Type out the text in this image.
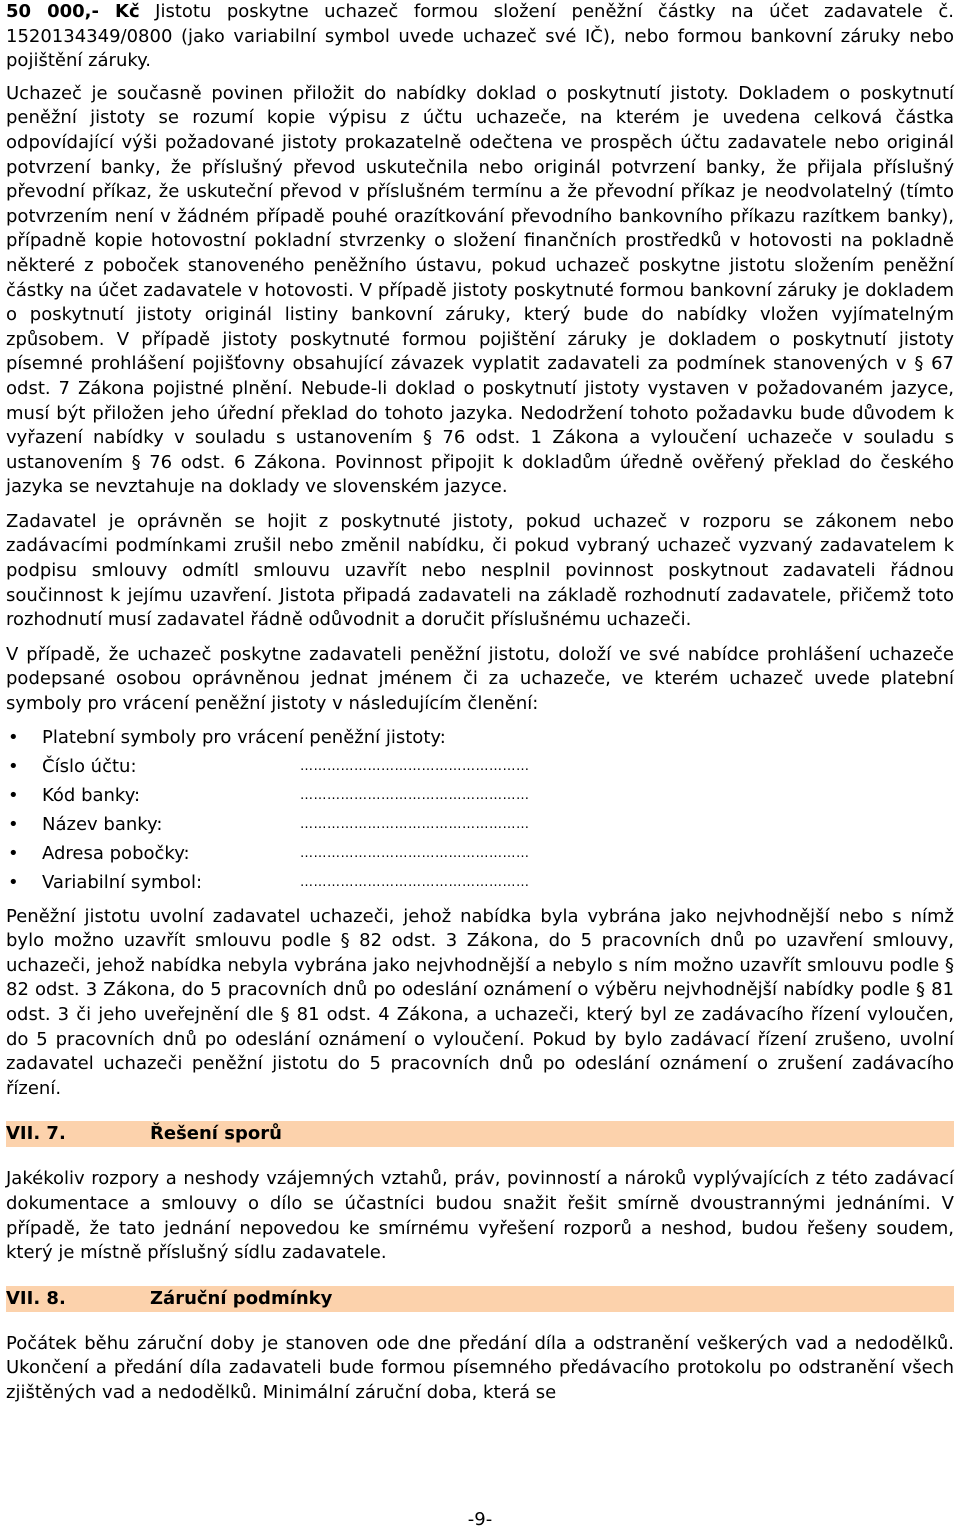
50 000,- Kč Jistotu poskytne uchazeč formou složení peněžní částky na účet zadavatele č. 1520134349/0800 (jako variabilní symbol uvede uchazeč své IČ), nebo formou bankovní záruky nebo pojištění záruky.

Uchazeč je současně povinen přiložit do nabídky doklad o poskytnutí jistoty. Dokladem o poskytnutí peněžní jistoty se rozumí kopie výpisu z účtu uchazeče, na kterém je uvedena celková částka odpovídající výši požadované jistoty prokazatelně odečtena ve prospěch účtu zadavatele nebo originál potvrzení banky, že příslušný převod uskutečnila nebo originál potvrzení banky, že přijala příslušný převodní příkaz, že uskuteční převod v příslušném termínu a že převodní příkaz je neodvolatelný (tímto potvrzením není v žádném případě pouhé orazítkování převodního bankovního příkazu razítkem banky), případně kopie hotovostní pokladní stvrzenky o složení finančních prostředků v hotovosti na pokladně některé z poboček stanoveného peněžního ústavu, pokud uchazeč poskytne jistotu složením peněžní částky na účet zadavatele v hotovosti. V případě jistoty poskytnuté formou bankovní záruky je dokladem o poskytnutí jistoty originál listiny bankovní záruky, který bude do nabídky vložen vyjímatelným způsobem. V případě jistoty poskytnuté formou pojištění záruky je dokladem o poskytnutí jistoty písemné prohlášení pojišťovny obsahující závazek vyplatit zadavateli za podmínek stanovených v § 67 odst. 7 Zákona pojistné plnění. Nebude-li doklad o poskytnutí jistoty vystaven v požadovaném jazyce, musí být přiložen jeho úřední překlad do tohoto jazyka. Nedodržení tohoto požadavku bude důvodem k vyřazení nabídky v souladu s ustanovením § 76 odst. 1 Zákona a vyloučení uchazeče v souladu s ustanovením § 76 odst. 6 Zákona. Povinnost připojit k dokladům úředně ověřený překlad do českého jazyka se nevztahuje na doklady ve slovenském jazyce.

Zadavatel je oprávněn se hojit z poskytnuté jistoty, pokud uchazeč v rozporu se zákonem nebo zadávacími podmínkami zrušil nebo změnil nabídku, či pokud vybraný uchazeč vyzvaný zadavatelem k podpisu smlouvy odmítl smlouvu uzavřít nebo nesplnil povinnost poskytnout zadavateli řádnou součinnost k jejímu uzavření. Jistota připadá zadavateli na základě rozhodnutí zadavatele, přičemž toto rozhodnutí musí zadavatel řádně odůvodnit a doručit příslušnému uchazeči.

V případě, že uchazeč poskytne zadavateli peněžní jistotu, doloží ve své nabídce prohlášení uchazeče podepsané osobou oprávněnou jednat jménem či za uchazeče, ve kterém uchazeč uvede platební symboly pro vrácení peněžní jistoty v následujícím členění:

• Platební symboly pro vrácení peněžní jistoty:
• Číslo účtu:	……………………………………………
• Kód banky:	……………………………………………
• Název banky:	……………………………………………
• Adresa pobočky:	……………………………………………
• Variabilní symbol:	……………………………………………

Peněžní jistotu uvolní zadavatel uchazeči, jehož nabídka byla vybrána jako nejvhodnější nebo s nímž bylo možno uzavřít smlouvu podle § 82 odst. 3 Zákona, do 5 pracovních dnů po uzavření smlouvy, uchazeči, jehož nabídka nebyla vybrána jako nejvhodnější a nebylo s ním možno uzavřít smlouvu podle § 82 odst. 3 Zákona, do 5 pracovních dnů po odeslání oznámení o výběru nejvhodnější nabídky podle § 81 odst. 3 či jeho uveřejnění dle § 81 odst. 4 Zákona, a uchazeči, který byl ze zadávacího řízení vyloučen, do 5 pracovních dnů po odeslání oznámení o vyloučení. Pokud by bylo zadávací řízení zrušeno, uvolní zadavatel uchazeči peněžní jistotu do 5 pracovních dnů po odeslání oznámení o zrušení zadávacího řízení.

VII. 7.	Řešení sporů

Jakékoliv rozpory a neshody vzájemných vztahů, práv, povinností a nároků vyplývajících z této zadávací dokumentace a smlouvy o dílo se účastníci budou snažit řešit smírně dvoustrannými jednáními. V případě, že tato jednání nepovedou ke smírnému vyřešení rozporů a neshod, budou řešeny soudem, který je místně příslušný sídlu zadavatele.

VII. 8.	Záruční podmínky

Počátek běhu záruční doby je stanoven ode dne předání díla a odstranění veškerých vad a nedodělků. Ukončení a předání díla zadavateli bude formou písemného předávacího protokolu po odstranění všech zjištěných vad a nedodělků. Minimální záruční doba, která se

-9-
